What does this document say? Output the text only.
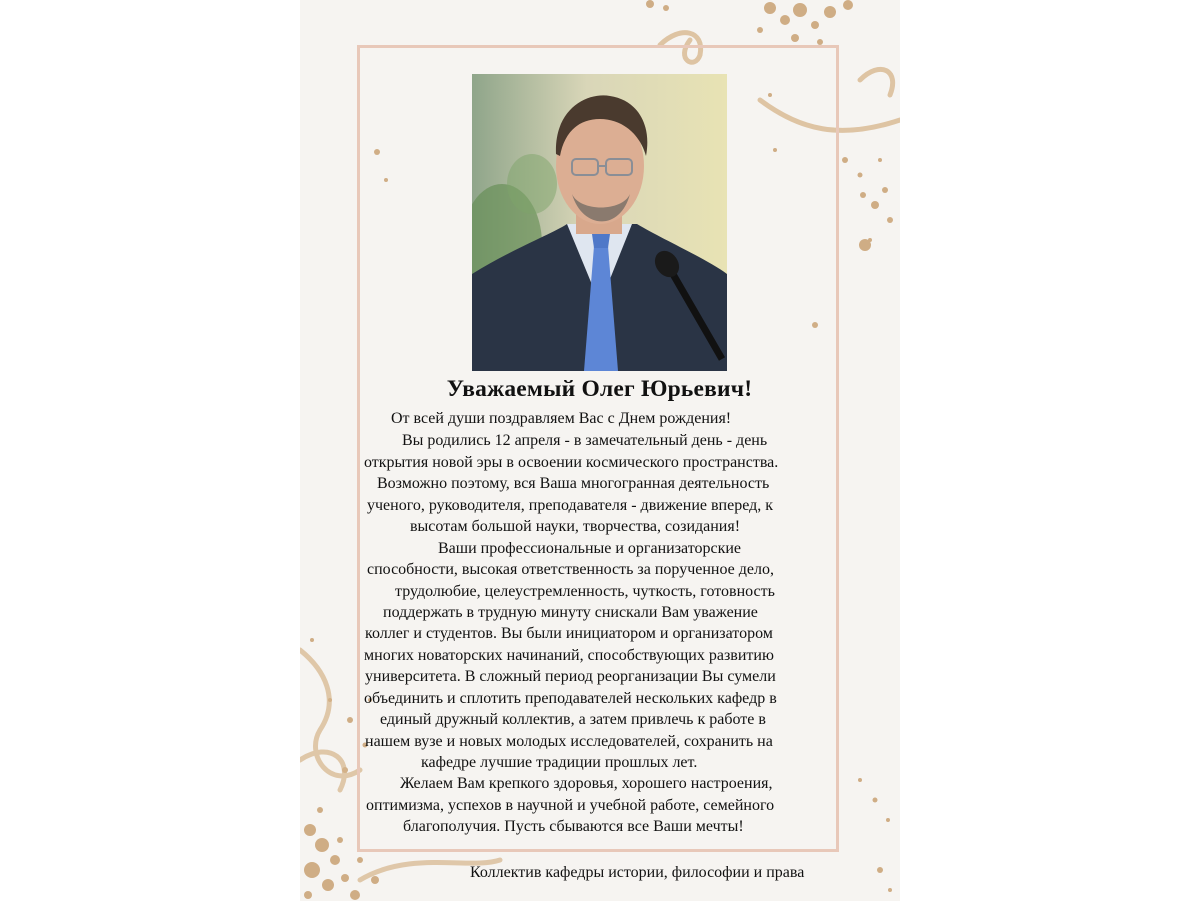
Уважаемый Олег Юрьевич!
От всей души поздравляем Вас с Днем рождения!
Вы родились 12 апреля - в замечательный день - день
открытия новой эры в освоении космического пространства.
Возможно поэтому, вся Ваша многогранная деятельность
ученого, руководителя, преподавателя - движение вперед, к
высотам большой науки, творчества, созидания!
Ваши профессиональные и организаторские
способности, высокая ответственность за порученное дело,
трудолюбие, целеустремленность, чуткость, готовность
поддержать в трудную минуту снискали Вам уважение
коллег и студентов. Вы были инициатором и организатором
многих новаторских начинаний, способствующих развитию
университета. В сложный период реорганизации Вы сумели
объединить и сплотить преподавателей нескольких кафедр в
единый дружный коллектив, а затем привлечь к работе в
нашем вузе и новых молодых исследователей, сохранить на
кафедре лучшие традиции прошлых лет.
Желаем Вам крепкого здоровья, хорошего настроения,
оптимизма, успехов в научной и учебной работе, семейного
благополучия. Пусть сбываются все Ваши мечты!
Коллектив кафедры истории, философии и права
